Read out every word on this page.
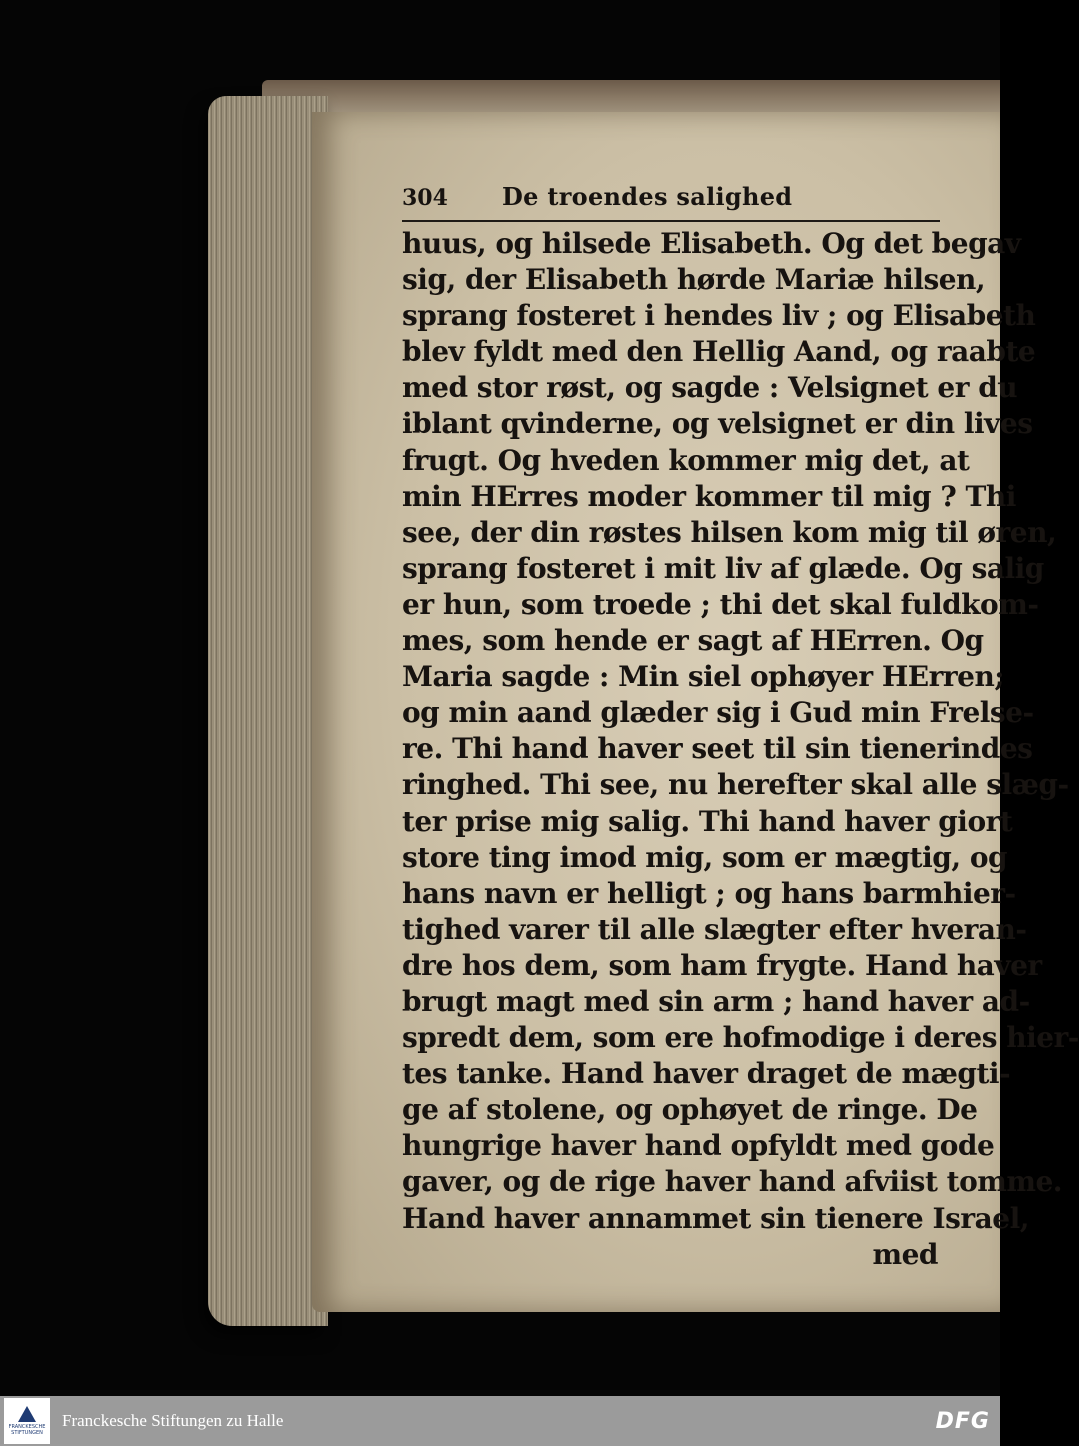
304	De troendes salighed
huus, og hilsede Elisabeth. Og det begav
sig, der Elisabeth hørde Mariæ hilsen,
sprang fosteret i hendes liv ; og Elisabeth
blev fyldt med den Hellig Aand, og raabte
med stor røst, og sagde : Velsignet er du
iblant qvinderne, og velsignet er din lives
frugt. Og hveden kommer mig det, at
min HErres moder kommer til mig ? Thi
see, der din røstes hilsen kom mig til øren,
sprang fosteret i mit liv af glæde. Og salig
er hun, som troede ; thi det skal fuldkom-
mes, som hende er sagt af HErren. Og
Maria sagde : Min siel ophøyer HErren;
og min aand glæder sig i Gud min Frelse-
re. Thi hand haver seet til sin tienerindes
ringhed. Thi see, nu herefter skal alle slæg-
ter prise mig salig. Thi hand haver giort
store ting imod mig, som er mægtig, og
hans navn er helligt ; og hans barmhier-
tighed varer til alle slægter efter hveran-
dre hos dem, som ham frygte. Hand haver
brugt magt med sin arm ; hand haver ad-
spredt dem, som ere hofmodige i deres hier-
tes tanke. Hand haver draget de mægti-
ge af stolene, og ophøyet de ringe. De
hungrige haver hand opfyldt med gode
gaver, og de rige haver hand afviist tomme.
Hand haver annammet sin tienere Israel,
med
FRANCKESCHE STIFTUNGEN
Franckesche Stiftungen zu Halle	DFG
